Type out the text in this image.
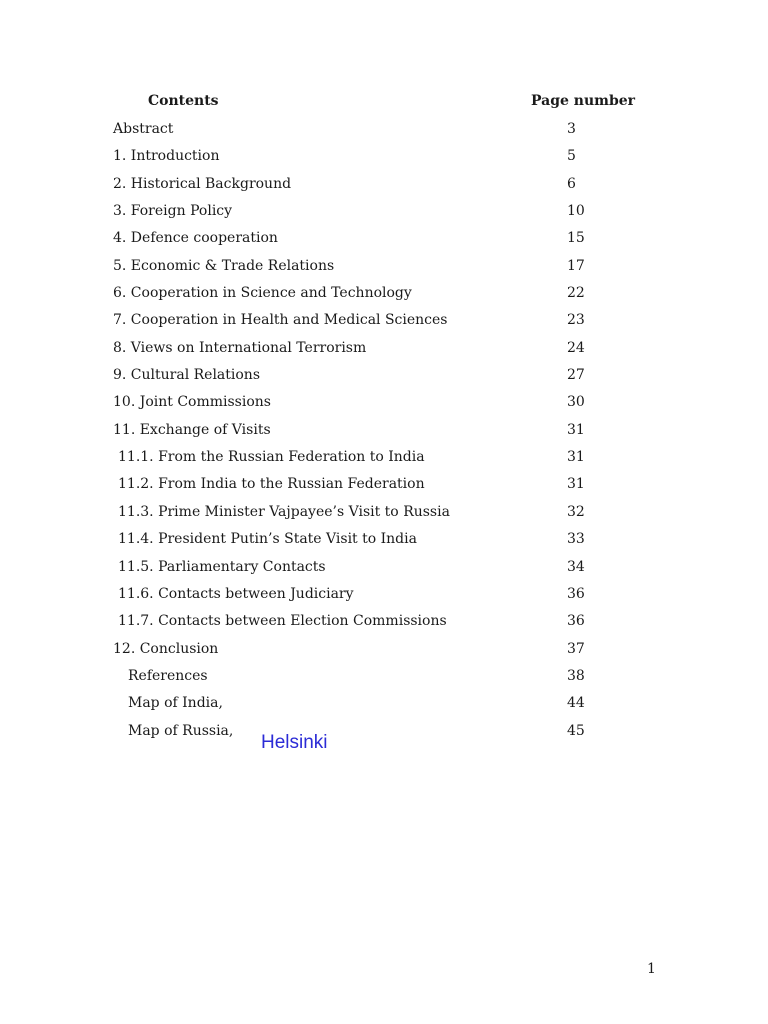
Contents	Page number
Abstract	3
1. Introduction	5
2. Historical Background	6
3. Foreign Policy	10
4. Defence cooperation	15
5. Economic & Trade Relations	17
6. Cooperation in Science and Technology	22
7. Cooperation in Health and Medical Sciences	23
8. Views on International Terrorism	24
9. Cultural Relations	27
10. Joint Commissions	30
11. Exchange of Visits	31
11.1. From the Russian Federation to India	31
11.2. From India to the Russian Federation	31
11.3. Prime Minister Vajpayee’s Visit to Russia	32
11.4. President Putin’s State Visit to India	33
11.5. Parliamentary Contacts	34
11.6. Contacts between Judiciary	36
11.7. Contacts between Election Commissions	36
12. Conclusion	37
References	38
Map of India,	44
Map of Russia,	45
Helsinki
1
